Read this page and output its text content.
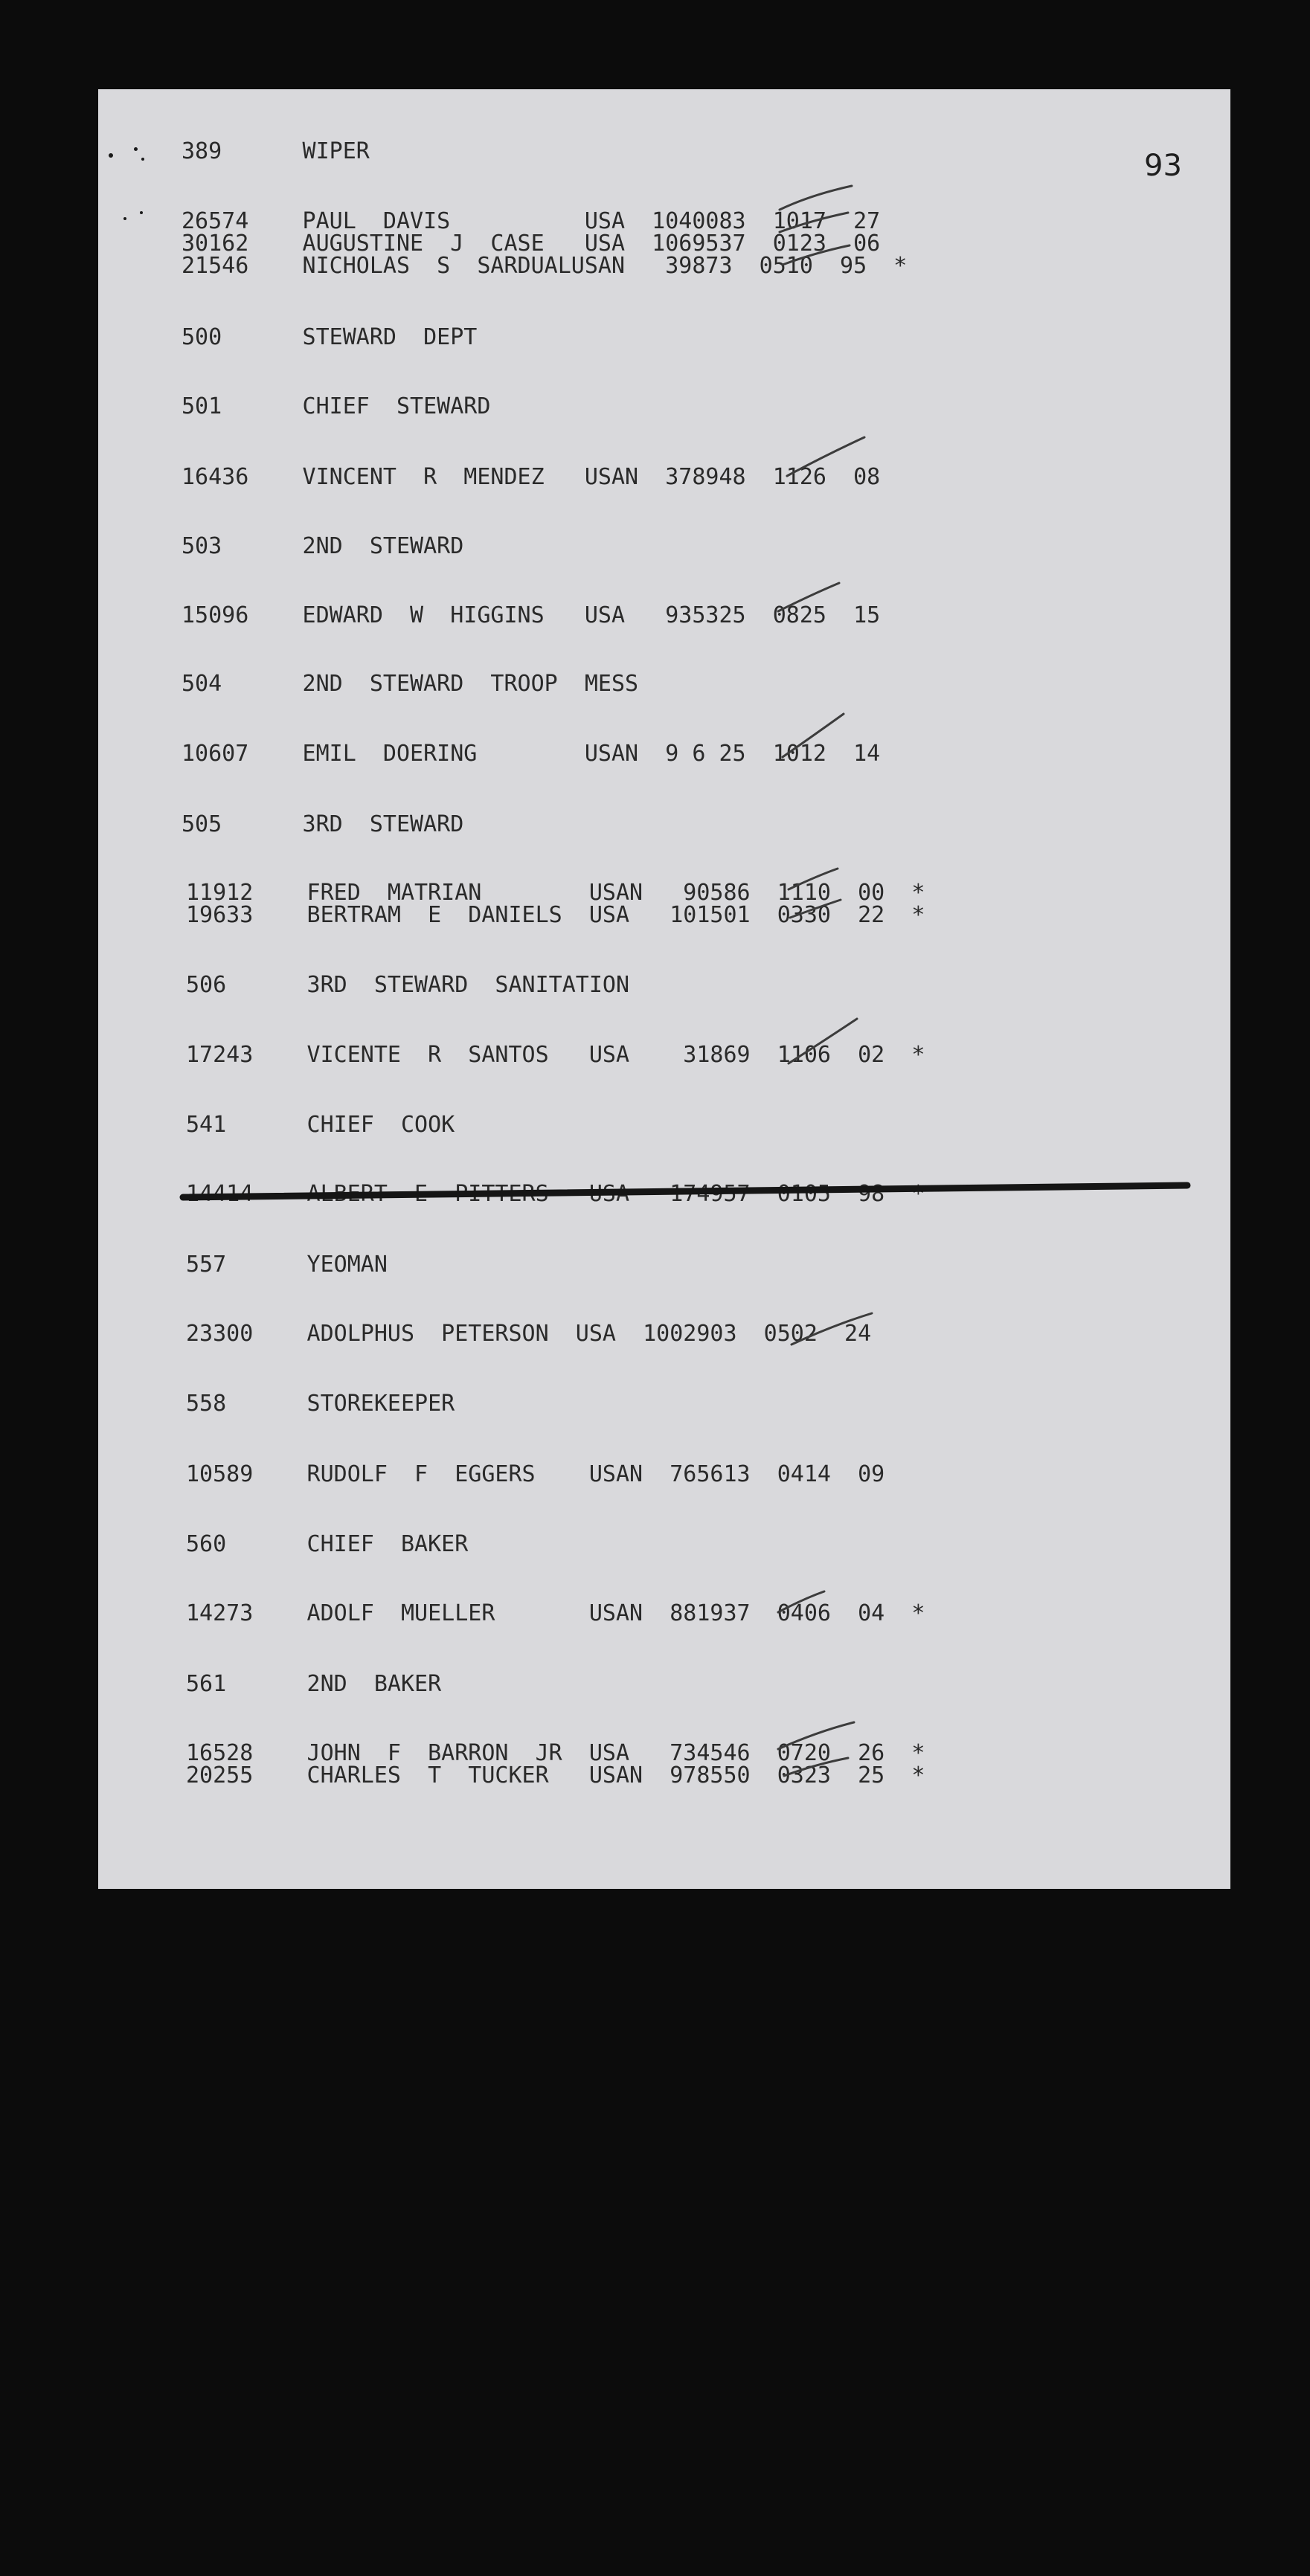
93
389      WIPER
26574    PAUL  DAVIS          USA  1040083  1017  27
30162    AUGUSTINE  J  CASE   USA  1069537  0123  06
21546    NICHOLAS  S  SARDUALUSAN   39873  0510  95  *
500      STEWARD  DEPT
501      CHIEF  STEWARD
16436    VINCENT  R  MENDEZ   USAN  378948  1126  08
503      2ND  STEWARD
15096    EDWARD  W  HIGGINS   USA   935325  0825  15
504      2ND  STEWARD  TROOP  MESS
10607    EMIL  DOERING        USAN  9 6 25  1012  14
505      3RD  STEWARD
11912    FRED  MATRIAN        USAN   90586  1110  00  *
19633    BERTRAM  E  DANIELS  USA   101501  0330  22  *
506      3RD  STEWARD  SANITATION
17243    VICENTE  R  SANTOS   USA    31869  1106  02  *
541      CHIEF  COOK
14414    ALBERT  E  PITTERS   USA   174957  0105  98  *
557      YEOMAN
23300    ADOLPHUS  PETERSON  USA  1002903  0502  24
558      STOREKEEPER
10589    RUDOLF  F  EGGERS    USAN  765613  0414  09
560      CHIEF  BAKER
14273    ADOLF  MUELLER       USAN  881937  0406  04  *
561      2ND  BAKER
16528    JOHN  F  BARRON  JR  USA   734546  0720  26  *
20255    CHARLES  T  TUCKER   USAN  978550  0323  25  *
